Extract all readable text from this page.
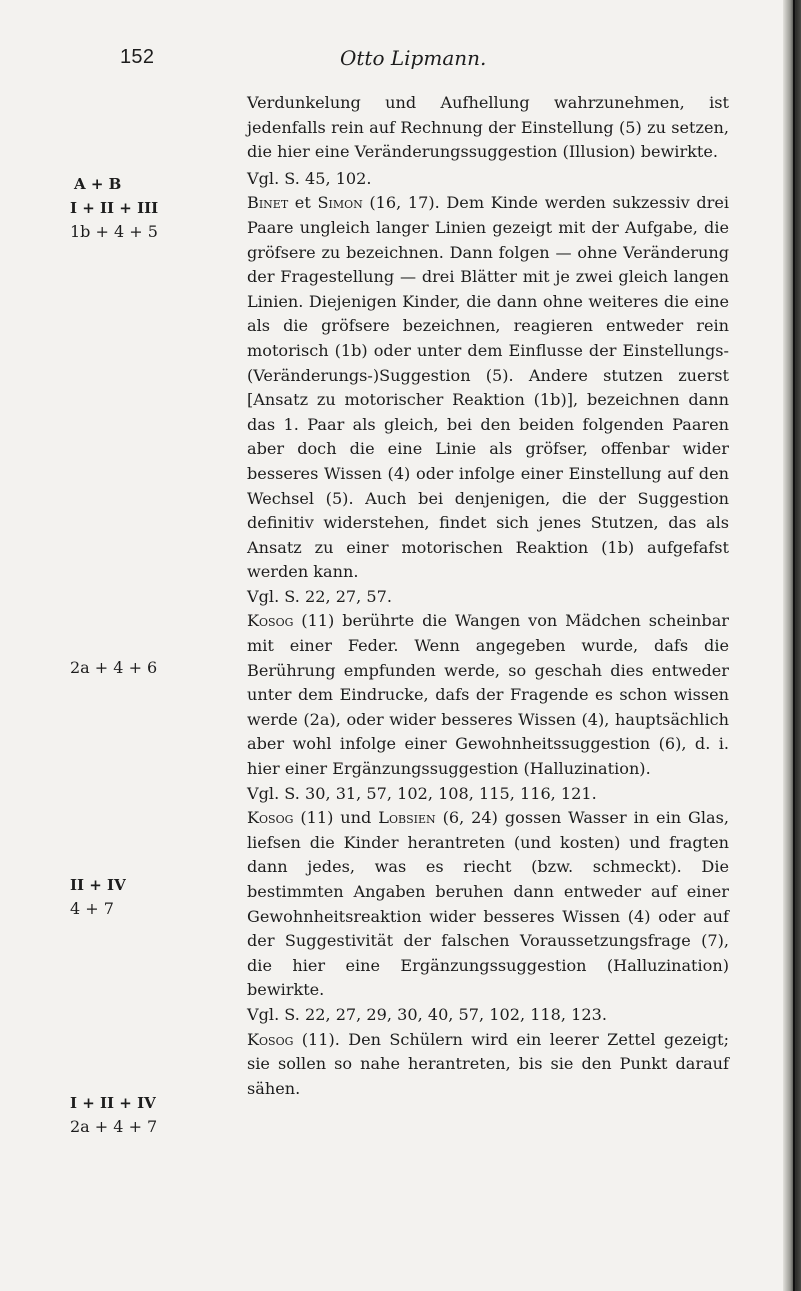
152	Otto Lipmann.
A + B
I + II + III
1b + 4 + 5
2a + 4 + 6
II + IV
4 + 7
I + II + IV
2a + 4 + 7

Verdunkelung und Aufhellung wahrzunehmen, ist jedenfalls rein auf Rechnung der Einstellung (5) zu setzen, die hier eine Veränderungssuggestion (Illusion) bewirkte.

Vgl. S. 45, 102.

Binet et Simon (16, 17). Dem Kinde werden sukzessiv drei Paare ungleich langer Linien gezeigt mit der Aufgabe, die gröfsere zu bezeichnen. Dann folgen — ohne Veränderung der Fragestellung — drei Blätter mit je zwei gleich langen Linien. Diejenigen Kinder, die dann ohne weiteres die eine als die gröfsere bezeichnen, reagieren entweder rein motorisch (1b) oder unter dem Einflusse der Einstellungs-(Veränderungs-)Suggestion (5). Andere stutzen zuerst [Ansatz zu motorischer Reaktion (1b)], bezeichnen dann das 1. Paar als gleich, bei den beiden folgenden Paaren aber doch die eine Linie als gröfser, offenbar wider besseres Wissen (4) oder infolge einer Einstellung auf den Wechsel (5). Auch bei denjenigen, die der Suggestion definitiv widerstehen, findet sich jenes Stutzen, das als Ansatz zu einer motorischen Reaktion (1b) aufgefafst werden kann.

Vgl. S. 22, 27, 57.

Kosog (11) berührte die Wangen von Mädchen scheinbar mit einer Feder. Wenn angegeben wurde, dafs die Berührung empfunden werde, so geschah dies entweder unter dem Eindrucke, dafs der Fragende es schon wissen werde (2a), oder wider besseres Wissen (4), hauptsächlich aber wohl infolge einer Gewohnheitssuggestion (6), d. i. hier einer Ergänzungssuggestion (Halluzination).

Vgl. S. 30, 31, 57, 102, 108, 115, 116, 121.

Kosog (11) und Lobsien (6, 24) gossen Wasser in ein Glas, liefsen die Kinder herantreten (und kosten) und fragten dann jedes, was es riecht (bzw. schmeckt). Die bestimmten Angaben beruhen dann entweder auf einer Gewohnheitsreaktion wider besseres Wissen (4) oder auf der Suggestivität der falschen Voraussetzungsfrage (7), die hier eine Ergänzungssuggestion (Halluzination) bewirkte.

Vgl. S. 22, 27, 29, 30, 40, 57, 102, 118, 123.

Kosog (11). Den Schülern wird ein leerer Zettel gezeigt; sie sollen so nahe herantreten, bis sie den Punkt darauf sähen.
